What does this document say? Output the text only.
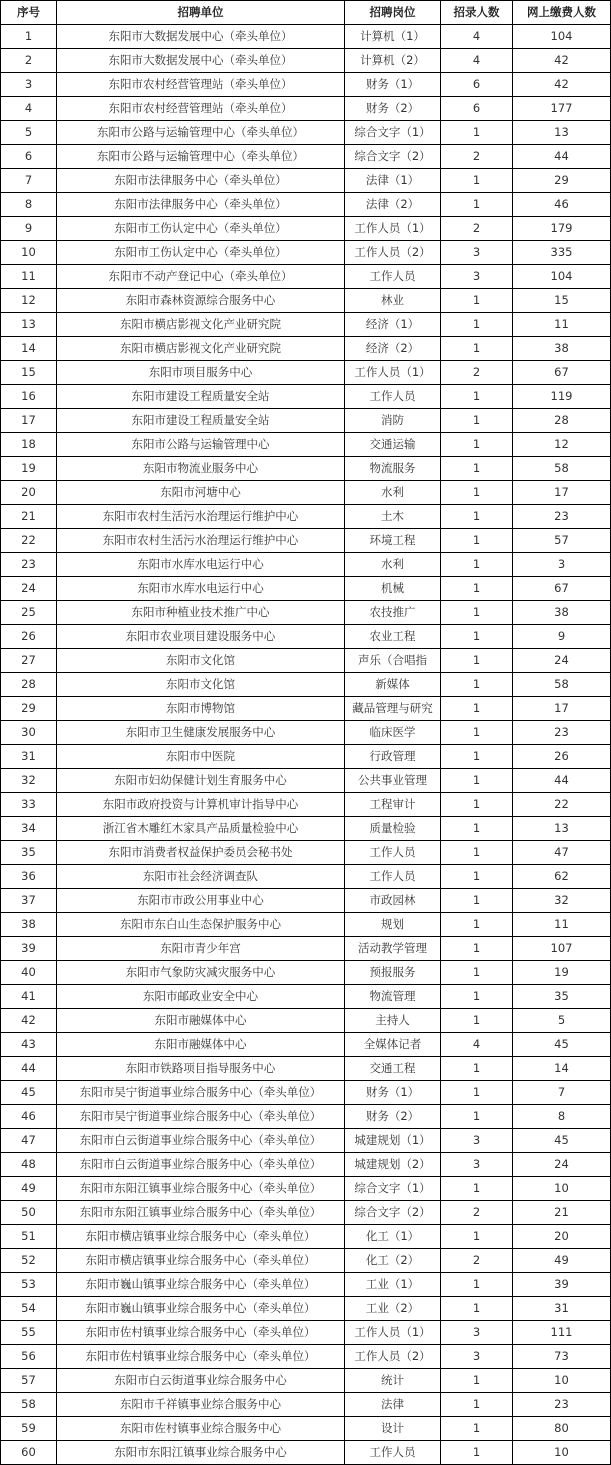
序号	招聘单位	招聘岗位	招录人数	网上缴费人数
1	东阳市大数据发展中心（牵头单位）	计算机（1）	4	104
2	东阳市大数据发展中心（牵头单位）	计算机（2）	4	42
3	东阳市农村经营管理站（牵头单位）	财务（1）	6	42
4	东阳市农村经营管理站（牵头单位）	财务（2）	6	177
5	东阳市公路与运输管理中心（牵头单位）	综合文字（1）	1	13
6	东阳市公路与运输管理中心（牵头单位）	综合文字（2）	2	44
7	东阳市法律服务中心（牵头单位）	法律（1）	1	29
8	东阳市法律服务中心（牵头单位）	法律（2）	1	46
9	东阳市工伤认定中心（牵头单位）	工作人员（1）	2	179
10	东阳市工伤认定中心（牵头单位）	工作人员（2）	3	335
11	东阳市不动产登记中心（牵头单位）	工作人员	3	104
12	东阳市森林资源综合服务中心	林业	1	15
13	东阳市横店影视文化产业研究院	经济（1）	1	11
14	东阳市横店影视文化产业研究院	经济（2）	1	38
15	东阳市项目服务中心	工作人员（1）	2	67
16	东阳市建设工程质量安全站	工作人员	1	119
17	东阳市建设工程质量安全站	消防	1	28
18	东阳市公路与运输管理中心	交通运输	1	12
19	东阳市物流业服务中心	物流服务	1	58
20	东阳市河塘中心	水利	1	17
21	东阳市农村生活污水治理运行维护中心	土木	1	23
22	东阳市农村生活污水治理运行维护中心	环境工程	1	57
23	东阳市水库水电运行中心	水利	1	3
24	东阳市水库水电运行中心	机械	1	67
25	东阳市种植业技术推广中心	农技推广	1	38
26	东阳市农业项目建设服务中心	农业工程	1	9
27	东阳市文化馆	声乐（合唱指	1	24
28	东阳市文化馆	新媒体	1	58
29	东阳市博物馆	藏品管理与研究	1	17
30	东阳市卫生健康发展服务中心	临床医学	1	23
31	东阳市中医院	行政管理	1	26
32	东阳市妇幼保健计划生育服务中心	公共事业管理	1	44
33	东阳市政府投资与计算机审计指导中心	工程审计	1	22
34	浙江省木雕红木家具产品质量检验中心	质量检验	1	13
35	东阳市消费者权益保护委员会秘书处	工作人员	1	47
36	东阳市社会经济调查队	工作人员	1	62
37	东阳市市政公用事业中心	市政园林	1	32
38	东阳市东白山生态保护服务中心	规划	1	11
39	东阳市青少年宫	活动教学管理	1	107
40	东阳市气象防灾减灾服务中心	预报服务	1	19
41	东阳市邮政业安全中心	物流管理	1	35
42	东阳市融媒体中心	主持人	1	5
43	东阳市融媒体中心	全媒体记者	4	45
44	东阳市铁路项目指导服务中心	交通工程	1	14
45	东阳市吴宁街道事业综合服务中心（牵头单位）	财务（1）	1	7
46	东阳市吴宁街道事业综合服务中心（牵头单位）	财务（2）	1	8
47	东阳市白云街道事业综合服务中心（牵头单位）	城建规划（1）	3	45
48	东阳市白云街道事业综合服务中心（牵头单位）	城建规划（2）	3	24
49	东阳市东阳江镇事业综合服务中心（牵头单位）	综合文字（1）	1	10
50	东阳市东阳江镇事业综合服务中心（牵头单位）	综合文字（2）	2	21
51	东阳市横店镇事业综合服务中心（牵头单位）	化工（1）	1	20
52	东阳市横店镇事业综合服务中心（牵头单位）	化工（2）	2	49
53	东阳市巍山镇事业综合服务中心（牵头单位）	工业（1）	1	39
54	东阳市巍山镇事业综合服务中心（牵头单位）	工业（2）	1	31
55	东阳市佐村镇事业综合服务中心（牵头单位）	工作人员（1）	3	111
56	东阳市佐村镇事业综合服务中心（牵头单位）	工作人员（2）	3	73
57	东阳市白云街道事业综合服务中心	统计	1	10
58	东阳市千祥镇事业综合服务中心	法律	1	23
59	东阳市佐村镇事业综合服务中心	设计	1	80
60	东阳市东阳江镇事业综合服务中心	工作人员	1	10
